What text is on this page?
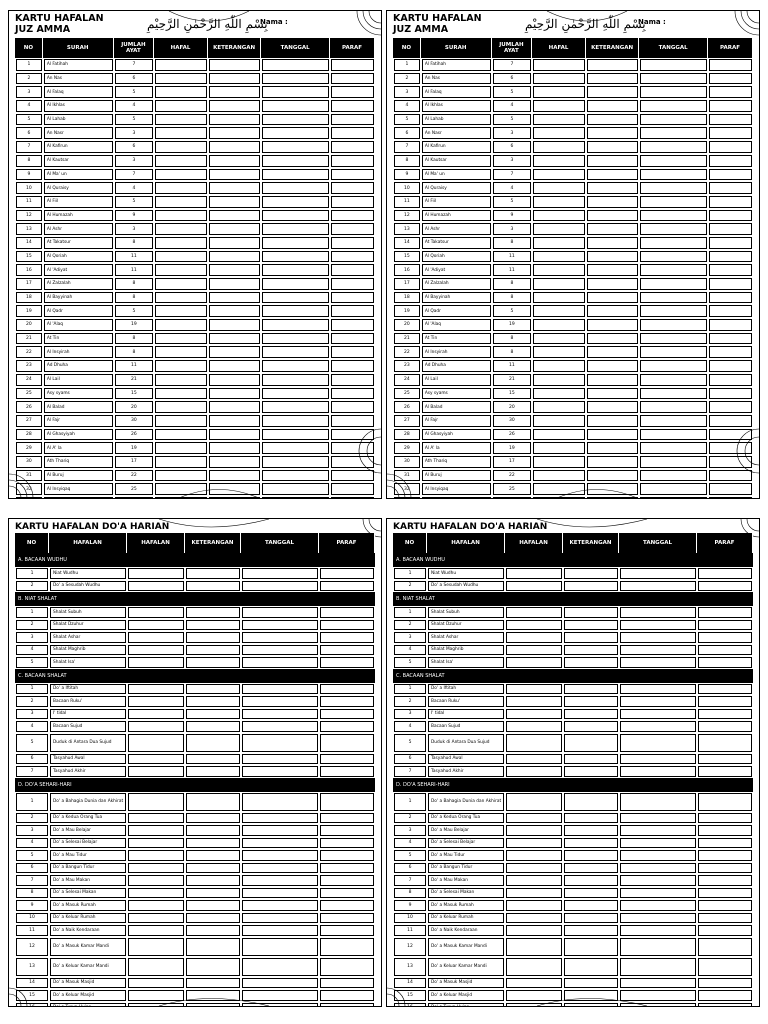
KARTU HAFALAN
JUZ AMMA	بِسْمِ اللّٰهِ الرَّحْمٰنِ الرَّحِيْمِ
Nama :
NO	SURAH	JUMLAH AYAT	HAFAL	KETERANGAN	TANGGAL	PARAF

1	Al Fatihah	7				

2	An Nas	6				

3	Al Falaq	5				

4	Al Ikhlas	4				

5	Al Lahab	5				

6	An Nasr	3				

7	Al Kafirun	6				

8	Al Kautsar	3				

9	Al Ma' un	7				

10	Al Quraisy	4				

11	Al Fiil	5				

12	Al Humazah	9				

13	Al Ashr	3				

14	At Takatsur	8				

15	Al Qoriah	11				

16	Al 'Adiyat	11				

17	Al Zalzalah	8				

18	Al Bayyinah	8				

19	Al Qadr	5				

20	Al 'Alaq	19				

21	At Tin	8				

22	Al Insyirah	8				

23	Ad Dhuha	11				

24	Al Lail	21				

25	Asy syams	15				

26	Al Balad	20				

27	Al Fajr	30				

28	Al Ghasyiyah	26				

29	Al A' la	19				

30	Ath Thariq	17				

31	Al Buruj	22				

32	Al Insyiqaq	25				

KARTU HAFALAN
JUZ AMMA	بِسْمِ اللّٰهِ الرَّحْمٰنِ الرَّحِيْمِ
Nama :
NO	SURAH	JUMLAH AYAT	HAFAL	KETERANGAN	TANGGAL	PARAF

1	Al Fatihah	7				

2	An Nas	6				

3	Al Falaq	5				

4	Al Ikhlas	4				

5	Al Lahab	5				

6	An Nasr	3				

7	Al Kafirun	6				

8	Al Kautsar	3				

9	Al Ma' un	7				

10	Al Quraisy	4				

11	Al Fiil	5				

12	Al Humazah	9				

13	Al Ashr	3				

14	At Takatsur	8				

15	Al Qoriah	11				

16	Al 'Adiyat	11				

17	Al Zalzalah	8				

18	Al Bayyinah	8				

19	Al Qadr	5				

20	Al 'Alaq	19				

21	At Tin	8				

22	Al Insyirah	8				

23	Ad Dhuha	11				

24	Al Lail	21				

25	Asy syams	15				

26	Al Balad	20				

27	Al Fajr	30				

28	Al Ghasyiyah	26				

29	Al A' la	19				

30	Ath Thariq	17				

31	Al Buruj	22				

32	Al Insyiqaq	25				

KARTU HAFALAN DO'A HARIAN
NO	HAFALAN	HAFALAN	KETERANGAN	TANGGAL	PARAF
A. BACAAN WUDHU					

1	Niat Wudhu				

2	Do' a Sesudah Wudhu				

B. NIAT SHALAT					

1	Shalat Subuh				

2	Shalat Dzuhur				

3	Shalat Ashar				

4	Shalat Maghrib				

5	Shalat Isa'				

C. BACAAN SHALAT					

1	Do' a Iftitah				

2	Bacaan Ruku'				

3	I' tidal				

4	Bacaan Sujud				

5	Duduk di Antara Dua Sujud				

6	Tasyahud Awal				

7	Tasyahud Akhir				

D. DO'A SEHARI-HARI					

1	Do' a Bahagia Dunia dan Akhirat				

2	Do' a Kedua Orang Tua				

3	Do' a Mau Belajar				

4	Do' a Selesai Belajar				

5	Do' a Mau Tidur				

6	Do' a Bangun Tidur				

7	Do' a Mau Makan				

8	Do' a Selesai Makan				

9	Do' a Masuk Rumah				

10	Do' a Keluar Rumah				

11	Do' a Naik Kendaraan				

12	Do' a Masuk Kamar Mandi				

13	Do' a Keluar Kamar Mandi				

14	Do' a Masuk Masjid				

15	Do' a Keluar Masjid				

KARTU HAFALAN DO'A HARIAN
NO	HAFALAN	HAFALAN	KETERANGAN	TANGGAL	PARAF
A. BACAAN WUDHU					

1	Niat Wudhu				

2	Do' a Sesudah Wudhu				

B. NIAT SHALAT					

1	Shalat Subuh				

2	Shalat Dzuhur				

3	Shalat Ashar				

4	Shalat Maghrib				

5	Shalat Isa'				

C. BACAAN SHALAT					

1	Do' a Iftitah				

2	Bacaan Ruku'				

3	I' tidal				

4	Bacaan Sujud				

5	Duduk di Antara Dua Sujud				

6	Tasyahud Awal				

7	Tasyahud Akhir				

D. DO'A SEHARI-HARI					

1	Do' a Bahagia Dunia dan Akhirat				

2	Do' a Kedua Orang Tua				

3	Do' a Mau Belajar				

4	Do' a Selesai Belajar				

5	Do' a Mau Tidur				

6	Do' a Bangun Tidur				

7	Do' a Mau Makan				

8	Do' a Selesai Makan				

9	Do' a Masuk Rumah				

10	Do' a Keluar Rumah				

11	Do' a Naik Kendaraan				

12	Do' a Masuk Kamar Mandi				

13	Do' a Keluar Kamar Mandi				

14	Do' a Masuk Masjid				

15	Do' a Keluar Masjid				
